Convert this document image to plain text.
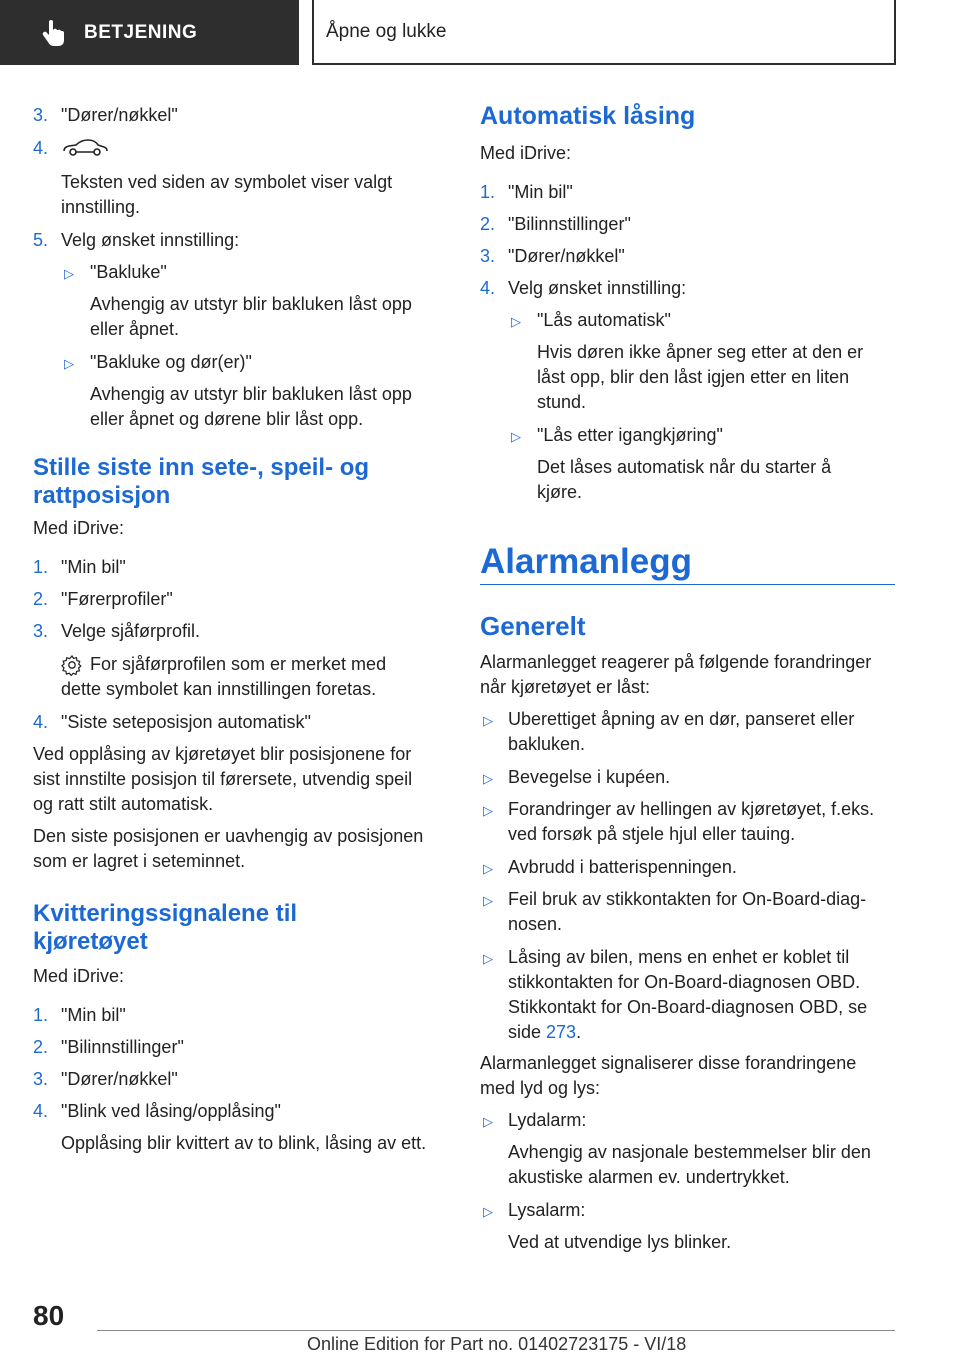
BETJENING	Åpne og lukke
3. "Dører/nøkkel"
4.
Teksten ved siden av symbolet viser valgt
innstilling.
5. Velg ønsket innstilling:
▷ "Bakluke"
Avhengig av utstyr blir bakluken låst opp
eller åpnet.
▷ "Bakluke og dør(er)"
Avhengig av utstyr blir bakluken låst opp
eller åpnet og dørene blir låst opp.
Stille siste inn sete-, speil- og
rattposisjon
Med iDrive:
1. "Min bil"
2. "Førerprofiler"
3. Velge sjåførprofil.
For sjåførprofilen som er merket med
dette symbolet kan innstillingen foretas.
4. "Siste seteposisjon automatisk"
Ved opplåsing av kjøretøyet blir posisjonene for
sist innstilte posisjon til førersete, utvendig speil
og ratt stilt automatisk.
Den siste posisjonen er uavhengig av posisjonen
som er lagret i seteminnet.
Kvitteringssignalene til
kjøretøyet
Med iDrive:
1. "Min bil"
2. "Bilinnstillinger"
3. "Dører/nøkkel"
4. "Blink ved låsing/opplåsing"
Opplåsing blir kvittert av to blink, låsing av ett.
Automatisk låsing
Med iDrive:
1. "Min bil"
2. "Bilinnstillinger"
3. "Dører/nøkkel"
4. Velg ønsket innstilling:
▷ "Lås automatisk"
Hvis døren ikke åpner seg etter at den er
låst opp, blir den låst igjen etter en liten
stund.
▷ "Lås etter igangkjøring"
Det låses automatisk når du starter å
kjøre.
Alarmanlegg
Generelt
Alarmanlegget reagerer på følgende forandringer
når kjøretøyet er låst:
▷ Uberettiget åpning av en dør, panseret eller
bakluken.
▷ Bevegelse i kupéen.
▷ Forandringer av hellingen av kjøretøyet, f.eks.
ved forsøk på stjele hjul eller tauing.
▷ Avbrudd i batterispenningen.
▷ Feil bruk av stikkontakten for On-Board-diag-
nosen.
▷ Låsing av bilen, mens en enhet er koblet til
stikkontakten for On-Board-diagnosen OBD.
Stikkontakt for On-Board-diagnosen OBD, se
side 273.
Alarmanlegget signaliserer disse forandringene
med lyd og lys:
▷ Lydalarm:
Avhengig av nasjonale bestemmelser blir den
akustiske alarmen ev. undertrykket.
▷ Lysalarm:
Ved at utvendige lys blinker.
80
Online Edition for Part no. 01402723175 - VI/18
